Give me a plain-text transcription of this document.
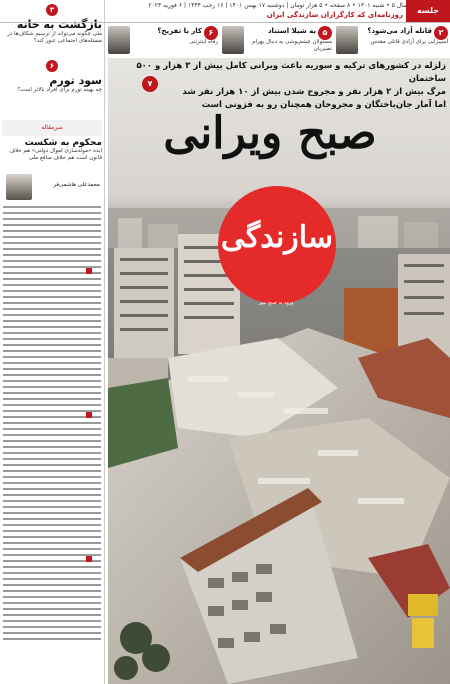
۳
بازگشت به خانه
ملی چگونه می‌تواند از ترسیم شکاف‌ها در مسئله‌های اجتماعی عبور کند؟
۶
سود تورم
چه بهینه تورم برای افراد بالاتر است؟
سرمقاله
محکوم به شکست
ایده «مولدسازی اموال دولتی» هم خلاف قانون است هم خلاف منافع ملی
محمدعلی هاشمی‌فر
جلسه
روزنامه‌ای که کارگزاران سازندگی ایران
سال ۵ • شنبه ۱۳۰۱ • ۸ صفحه • ۵ هزار تومان | دوشنبه ۱۷ بهمن ۱۴۰۱ | ۱۶ رجب ۱۴۴۴ | ۶ فوریه ۲۰۲۳
۲
قاتله آزاد می‌شود؟
آسیبزایی برای آزادی قاتلی مقدس
۵
به شیلا استناد
مسئولان چشم‌پوشی به دنبال بهرام نصیریان
۶
کار یا تفریح؟
رفاه اینترنتی
زلزله در کشورهای ترکیه و سوریه باعث ویرانی کامل بیش از ۳ هزار و ۵۰۰ ساختمان
مرگ بیش از ۲ هزار نفر و مجروح شدن بیش از ۱۰ هزار نفر شد
اما آمار جان‌باختگان و مجروحان همچنان رو به فزونی است
۷
صبح ویرانی
سازندگی
ورود به صبح نیوز
